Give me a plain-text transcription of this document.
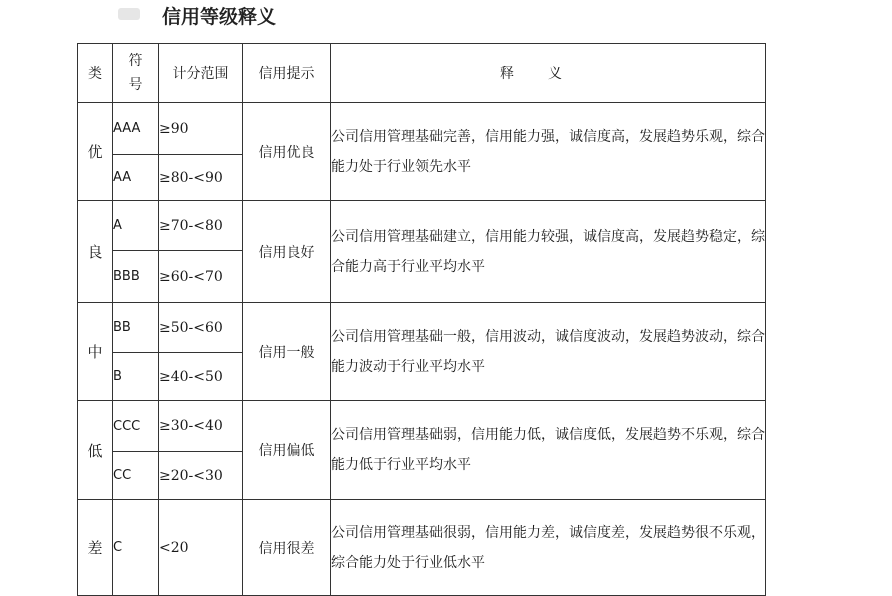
信用等级释义
类	符号	计分范围	信用提示	释义
优	AAA	≥90	信用优良	公司信用管理基础完善，信用能力强，诚信度高，发展趋势乐观，综合能力处于行业领先水平
	AA	≥80-<90		
良	A	≥70-<80	信用良好	公司信用管理基础建立，信用能力较强，诚信度高，发展趋势稳定，综合能力高于行业平均水平
	BBB	≥60-<70		
中	BB	≥50-<60	信用一般	公司信用管理基础一般，信用波动，诚信度波动，发展趋势波动，综合能力波动于行业平均水平
	B	≥40-<50		
低	CCC	≥30-<40	信用偏低	公司信用管理基础弱，信用能力低，诚信度低，发展趋势不乐观，综合能力低于行业平均水平
	CC	≥20-<30		
差	C	<20	信用很差	公司信用管理基础很弱，信用能力差，诚信度差，发展趋势很不乐观，综合能力处于行业低水平
